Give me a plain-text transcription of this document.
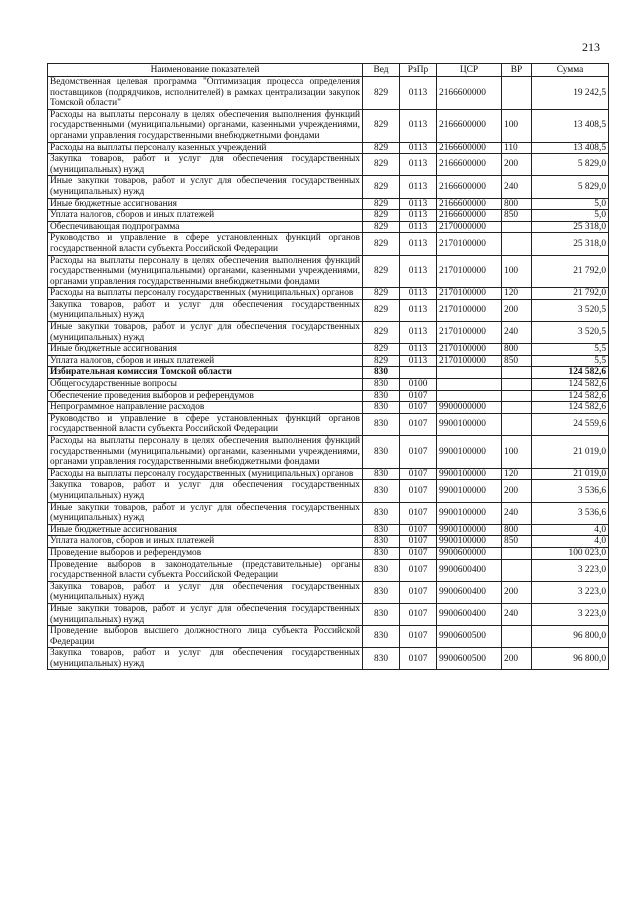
213
Наименование показателей	Вед	РзПр	ЦСР	ВР	Сумма
Ведомственная целевая программа "Оптимизация процесса определения поставщиков (подрядчиков, исполнителей) в рамках централизации закупок Томской области"	829	0113	2166600000		19 242,5
Расходы на выплаты персоналу в целях обеспечения выполнения функций государственными (муниципальными) органами, казенными учреждениями, органами управления государственными внебюджетными фондами	829	0113	2166600000	100	13 408,5
Расходы на выплаты персоналу казенных учреждений	829	0113	2166600000	110	13 408,5
Закупка товаров, работ и услуг для обеспечения государственных (муниципальных) нужд	829	0113	2166600000	200	5 829,0
Иные закупки товаров, работ и услуг для обеспечения государственных (муниципальных) нужд	829	0113	2166600000	240	5 829,0
Иные бюджетные ассигнования	829	0113	2166600000	800	5,0
Уплата налогов, сборов и иных платежей	829	0113	2166600000	850	5,0
Обеспечивающая подпрограмма	829	0113	2170000000		25 318,0
Руководство и управление в сфере установленных функций органов государственной власти субъекта Российской Федерации	829	0113	2170100000		25 318,0
Расходы на выплаты персоналу в целях обеспечения выполнения функций государственными (муниципальными) органами, казенными учреждениями, органами управления государственными внебюджетными фондами	829	0113	2170100000	100	21 792,0
Расходы на выплаты персоналу государственных (муниципальных) органов	829	0113	2170100000	120	21 792,0
Закупка товаров, работ и услуг для обеспечения государственных (муниципальных) нужд	829	0113	2170100000	200	3 520,5
Иные закупки товаров, работ и услуг для обеспечения государственных (муниципальных) нужд	829	0113	2170100000	240	3 520,5
Иные бюджетные ассигнования	829	0113	2170100000	800	5,5
Уплата налогов, сборов и иных платежей	829	0113	2170100000	850	5,5
Избирательная комиссия Томской области	830				124 582,6
Общегосударственные вопросы	830	0100			124 582,6
Обеспечение проведения выборов и референдумов	830	0107			124 582,6
Непрограммное направление расходов	830	0107	9900000000		124 582,6
Руководство и управление в сфере установленных функций органов государственной власти субъекта Российской Федерации	830	0107	9900100000		24 559,6
Расходы на выплаты персоналу в целях обеспечения выполнения функций государственными (муниципальными) органами, казенными учреждениями, органами управления государственными внебюджетными фондами	830	0107	9900100000	100	21 019,0
Расходы на выплаты персоналу государственных (муниципальных) органов	830	0107	9900100000	120	21 019,0
Закупка товаров, работ и услуг для обеспечения государственных (муниципальных) нужд	830	0107	9900100000	200	3 536,6
Иные закупки товаров, работ и услуг для обеспечения государственных (муниципальных) нужд	830	0107	9900100000	240	3 536,6
Иные бюджетные ассигнования	830	0107	9900100000	800	4,0
Уплата налогов, сборов и иных платежей	830	0107	9900100000	850	4,0
Проведение выборов и референдумов	830	0107	9900600000		100 023,0
Проведение выборов в законодательные (представительные) органы государственной власти субъекта Российской Федерации	830	0107	9900600400		3 223,0
Закупка товаров, работ и услуг для обеспечения государственных (муниципальных) нужд	830	0107	9900600400	200	3 223,0
Иные закупки товаров, работ и услуг для обеспечения государственных (муниципальных) нужд	830	0107	9900600400	240	3 223,0
Проведение выборов высшего должностного лица субъекта Российской Федерации	830	0107	9900600500		96 800,0
Закупка товаров, работ и услуг для обеспечения государственных (муниципальных) нужд	830	0107	9900600500	200	96 800,0
